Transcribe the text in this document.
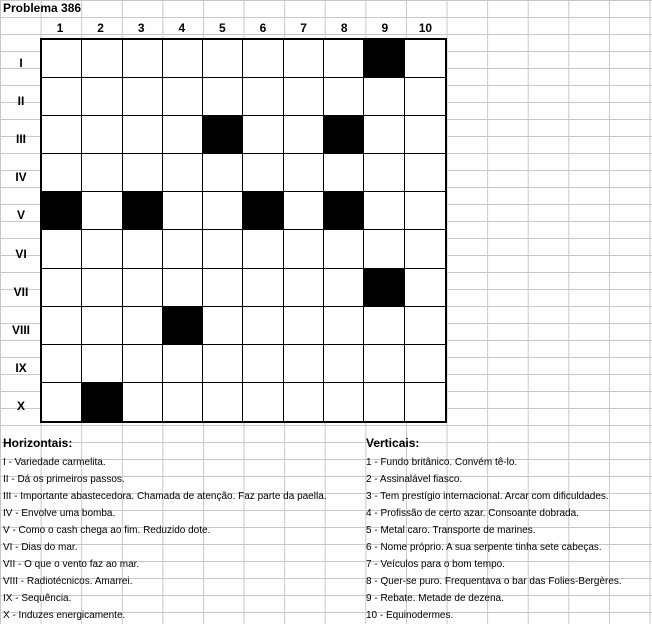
Problema 386
1	2	3	4	5	6	7	8	9	10
I
II
III
IV
V
VI
VII
VIII
IX
X
Horizontais:	Verticais:
I - Variedade carmelita.
II - Dá os primeiros passos.
III - Importante abastecedora. Chamada de atenção. Faz parte da paella.
IV - Envolve uma bomba.
V - Como o cash chega ao fim. Reduzido dote.
VI - Dias do mar.
VII - O que o vento faz ao mar.
VIII - Radiotécnicos. Amarrei.
IX - Sequência.
X - Induzes energicamente.
1 - Fundo britânico. Convém tê-lo.
2 - Assinalável fiasco.
3 - Tem prestígio internacional. Arcar com dificuldades.
4 - Profissão de certo azar. Consoante dobrada.
5 - Metal caro. Transporte de marines.
6 - Nome próprio. A sua serpente tinha sete cabeças.
7 - Veículos para o bom tempo.
8 - Quer-se puro. Frequentava o bar das Folies-Bergères.
9 - Rebate. Metade de dezena.
10 - Equinodermes.
